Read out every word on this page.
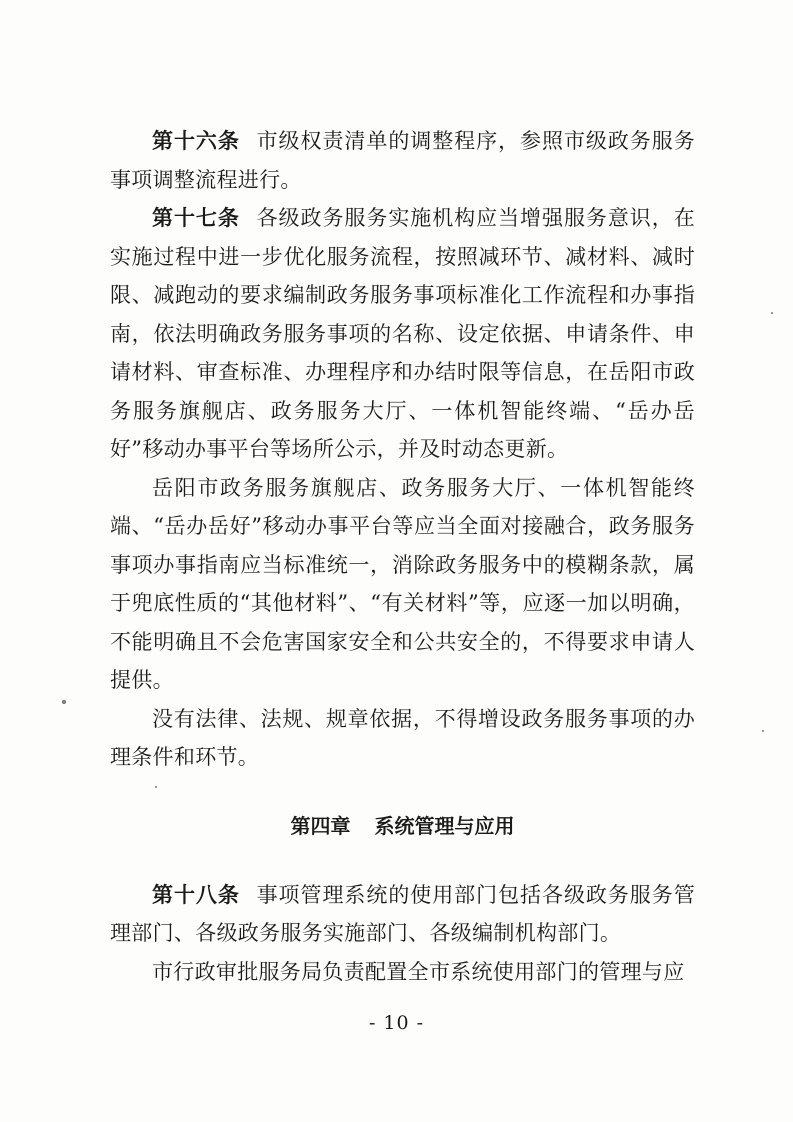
第十六条 市级权责清单的调整程序，参照市级政务服务事项调整流程进行。

第十七条 各级政务服务实施机构应当增强服务意识，在实施过程中进一步优化服务流程，按照减环节、减材料、减时限、减跑动的要求编制政务服务事项标准化工作流程和办事指南，依法明确政务服务事项的名称、设定依据、申请条件、申请材料、审查标准、办理程序和办结时限等信息，在岳阳市政务服务旗舰店、政务服务大厅、一体机智能终端、“岳办岳好”移动办事平台等场所公示，并及时动态更新。

岳阳市政务服务旗舰店、政务服务大厅、一体机智能终端、“岳办岳好”移动办事平台等应当全面对接融合，政务服务事项办事指南应当标准统一，消除政务服务中的模糊条款，属于兜底性质的“其他材料”、“有关材料”等，应逐一加以明确，不能明确且不会危害国家安全和公共安全的，不得要求申请人提供。

没有法律、法规、规章依据，不得增设政务服务事项的办理条件和环节。

第四章 系统管理与应用

第十八条 事项管理系统的使用部门包括各级政务服务管理部门、各级政务服务实施部门、各级编制机构部门。

市行政审批服务局负责配置全市系统使用部门的管理与应

- 10 -
